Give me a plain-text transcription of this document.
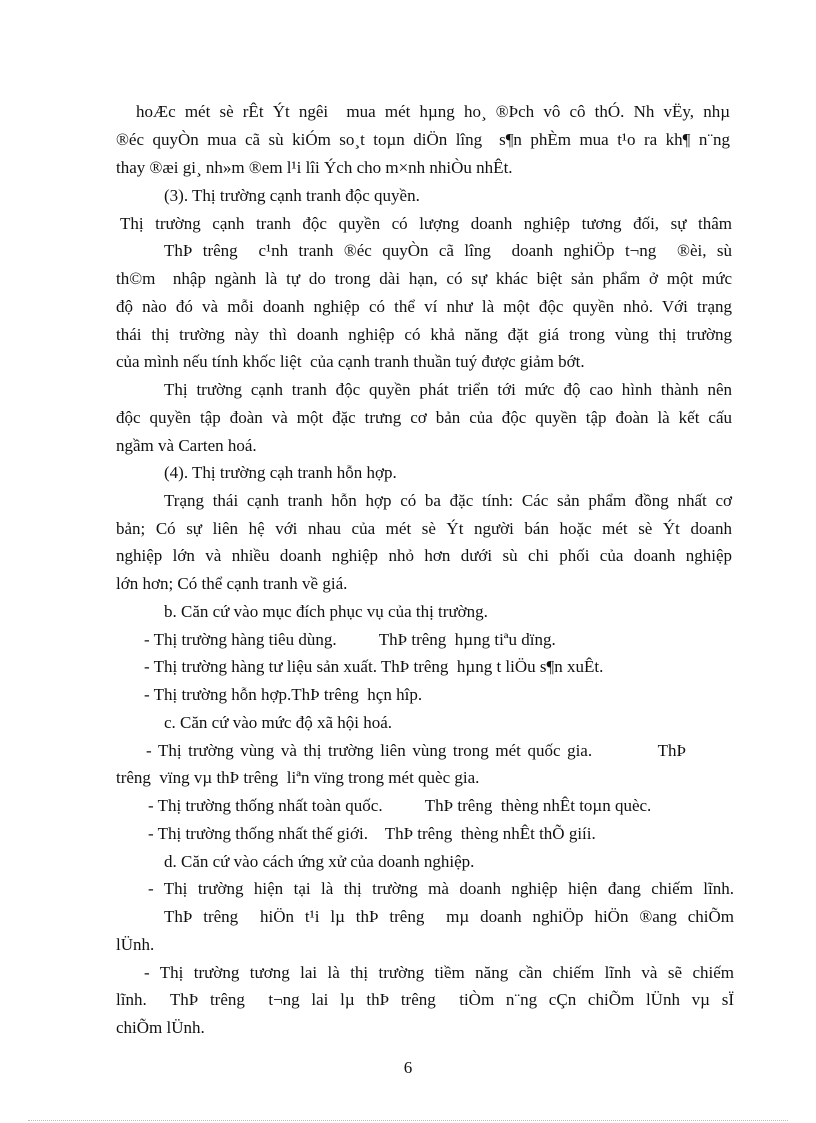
hoÆc mét sè rÊt Ýt ngêi  mua mét hµng ho¸ ®Þch vô cô thÓ. Nh vËy, nhµ

®éc quyÒn mua cã sù kiÓm so¸t toµn diÖn lîng  s¶n phÈm mua t¹o ra kh¶ n¨ng

thay ®æi gi¸ nh»m ®em l¹i lîi Ých cho m×nh nhiÒu nhÊt.

(3). Thị trường cạnh tranh độc quyền.

Thị trường cạnh tranh độc quyền có lượng doanh nghiệp tương đối, sự thâm

ThÞ trêng  c¹nh tranh ®éc quyÒn cã lîng  doanh nghiÖp t¬ng  ®èi, sù

th©m  nhập ngành là tự do trong dài hạn, có sự khác biệt sản phẩm ở một mức

độ nào đó và mỗi doanh nghiệp có thể ví như là một độc quyền nhỏ. Với trạng

thái thị trường này thì doanh nghiệp có khả năng đặt giá trong vùng thị trường

của mình nếu tính khốc liệt  của cạnh tranh thuần tuý được giảm bớt.

Thị trường cạnh tranh độc quyền phát triển tới mức độ cao hình thành nên

độc quyền tập đoàn và một đặc trưng cơ bản của độc quyền tập đoàn là kết cấu

ngầm và Carten hoá.

(4). Thị trường cạh tranh hỗn hợp.

Trạng thái cạnh tranh hỗn hợp có ba đặc tính: Các sản phẩm đồng nhất cơ

bản; Có sự liên hệ với nhau của mét sè Ýt người bán hoặc mét sè Ýt doanh

nghiệp lớn và nhiều doanh nghiệp nhỏ hơn dưới sù chi phối của doanh nghiệp

lớn hơn; Có thể cạnh tranh về giá.

b. Căn cứ vào mục đích phục vụ của thị trường.

- Thị trường hàng tiêu dùng.          ThÞ trêng  hµng tiªu dïng.

- Thị trường hàng tư liệu sản xuất. ThÞ trêng  hµng t liÖu s¶n xuÊt.

- Thị trường hỗn hợp.ThÞ trêng  hçn hîp.

c. Căn cứ vào mức độ xã hội hoá.

- Thị trường vùng và thị trường liên vùng trong mét quốc gia.          ThÞ

trêng  vïng vµ thÞ trêng  liªn vïng trong mét quèc gia.

- Thị trường thống nhất toàn quốc.          ThÞ trêng  thèng nhÊt toµn quèc.

- Thị trường thống nhất thế giới.    ThÞ trêng  thèng nhÊt thÕ giíi.

d. Căn cứ vào cách ứng xử của doanh nghiệp.

- Thị trường hiện tại là thị trường mà doanh nghiệp hiện đang chiếm lĩnh.

ThÞ trêng  hiÖn t¹i lµ thÞ trêng  mµ doanh nghiÖp hiÖn ®ang chiÕm

lÜnh.

- Thị trường tương lai là thị trường tiềm năng cần chiếm lĩnh và sẽ chiếm

lĩnh.  ThÞ trêng  t¬ng lai lµ thÞ trêng  tiÒm n¨ng cÇn chiÕm lÜnh vµ sÏ

chiÕm lÜnh.

6
